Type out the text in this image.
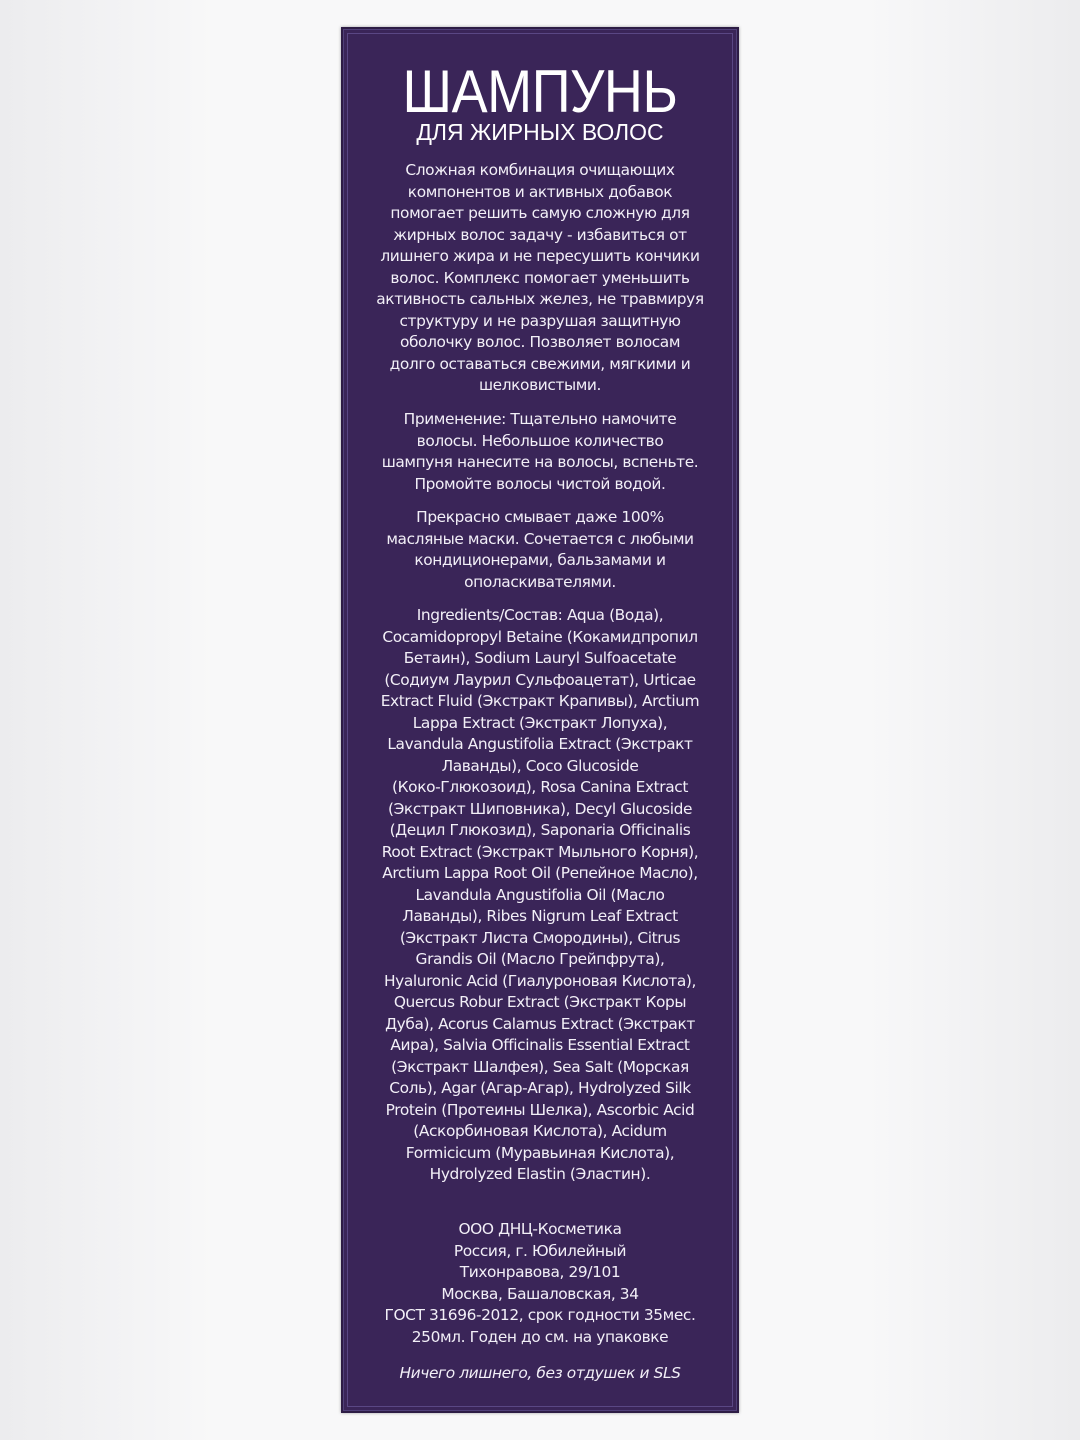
ШАМПУНЬ
ДЛЯ ЖИРНЫХ ВОЛОС
Сложная комбинация очищающих
компонентов и активных добавок
помогает решить самую сложную для
жирных волос задачу - избавиться от
лишнего жира и не пересушить кончики
волос. Комплекс помогает уменьшить
активность сальных желез, не травмируя
структуру и не разрушая защитную
оболочку волос. Позволяет волосам
долго оставаться свежими, мягкими и
шелковистыми.
Применение: Тщательно намочите
волосы. Небольшое количество
шампуня нанесите на волосы, вспеньте.
Промойте волосы чистой водой.
Прекрасно смывает даже 100%
масляные маски. Сочетается с любыми
кондиционерами, бальзамами и
ополаскивателями.
Ingredients/Состав: Aqua (Вода),
Cocamidopropyl Betaine (Кокамидпропил
Бетаин), Sodium Lauryl Sulfoacetate
(Содиум Лаурил Сульфоацетат), Urticae
Extract Fluid (Экстракт Крапивы), Arctium
Lappa Extract (Экстракт Лопуха),
Lavandula Angustifolia Extract (Экстракт
Лаванды), Coco Glucoside
(Коко-Глюкозоид), Rosa Canina Extract
(Экстракт Шиповника), Decyl Glucoside
(Децил Глюкозид), Saponaria Officinalis
Root Extract (Экстракт Мыльного Корня),
Arctium Lappa Root Oil (Репейное Масло),
Lavandula Angustifolia Oil (Масло
Лаванды), Ribes Nigrum Leaf Extract
(Экстракт Листа Смородины), Citrus
Grandis Oil (Масло Грейпфрута),
Hyaluronic Acid (Гиалуроновая Кислота),
Quercus Robur Extract (Экстракт Коры
Дуба), Acorus Calamus Extract (Экстракт
Аира), Salvia Officinalis Essential Extract
(Экстракт Шалфея), Sea Salt (Морская
Соль), Agar (Агар-Агар), Hydrolyzed Silk
Protein (Протеины Шелка), Ascorbic Acid
(Аскорбиновая Кислота), Acidum
Formicicum (Муравьиная Кислота),
Hydrolyzed Elastin (Эластин).
ООО ДНЦ-Косметика
Россия, г. Юбилейный
Тихонравова, 29/101
Москва, Башаловская, 34
ГОСТ 31696-2012, срок годности 35мес.
250мл. Годен до см. на упаковке
Ничего лишнего, без отдушек и SLS
